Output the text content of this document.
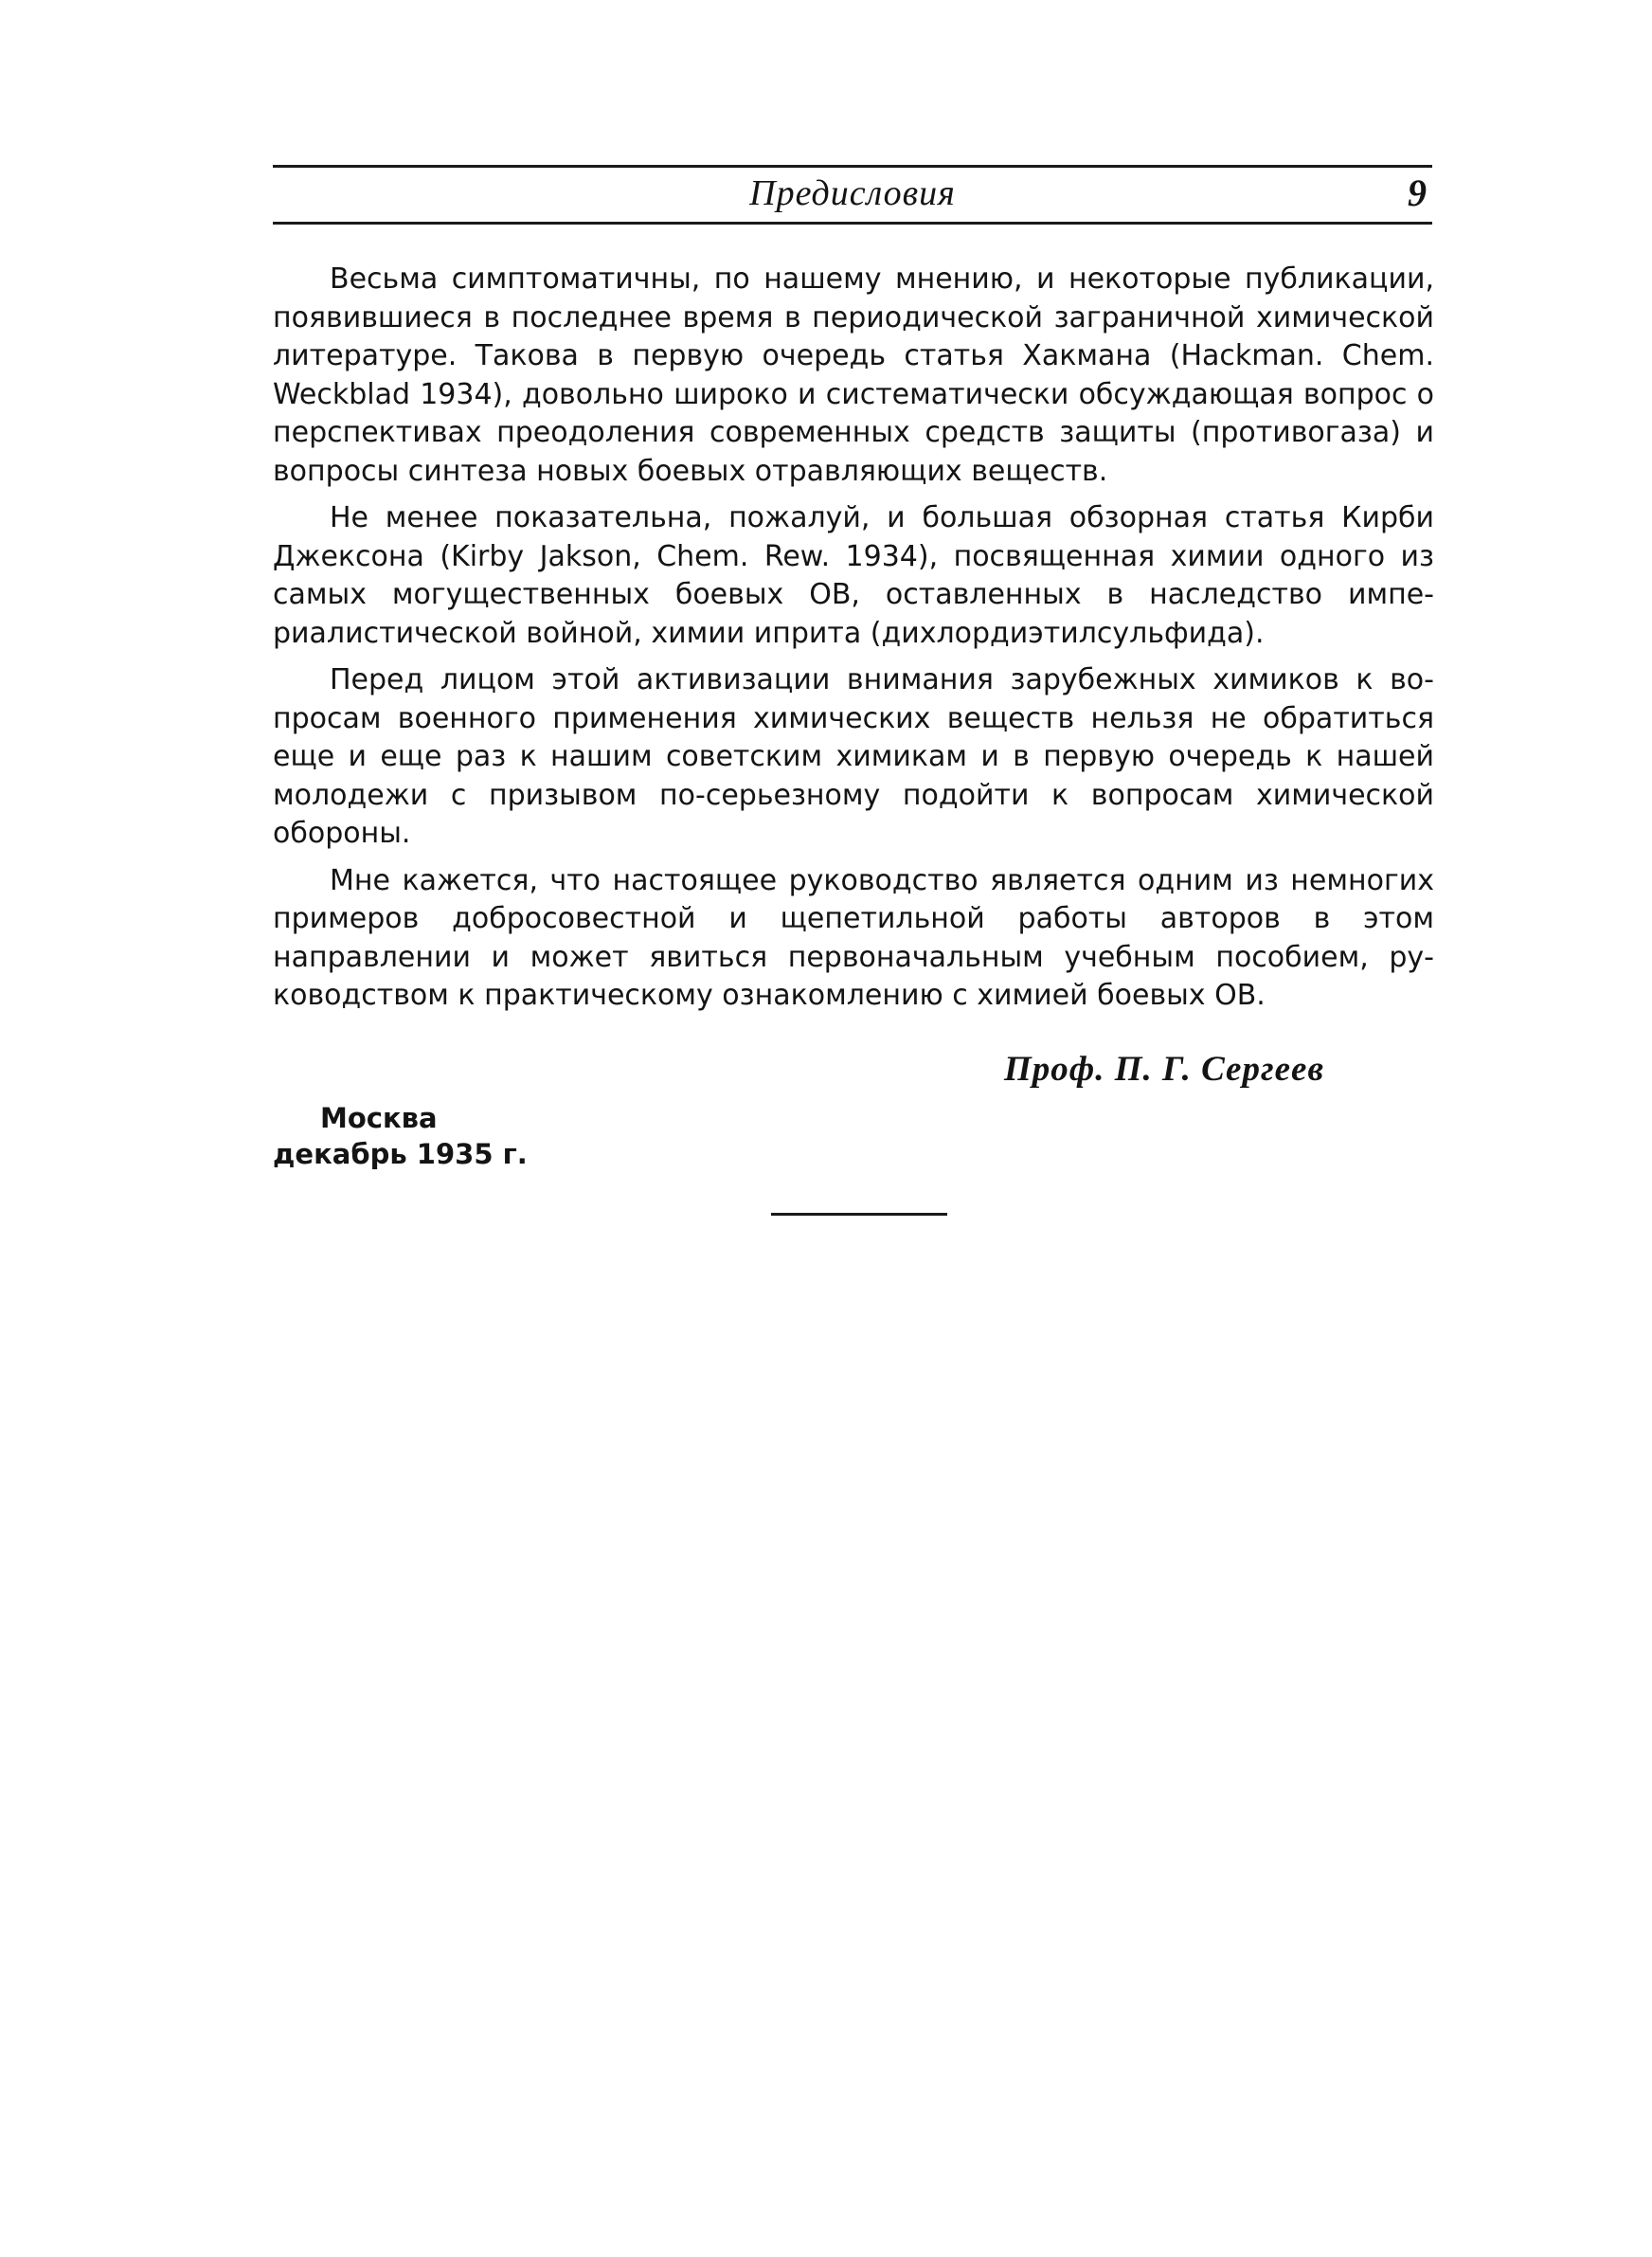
Предисловия	9

Весьма симптоматичны, по нашему мнению, и некоторые публикации, появившиеся в последнее время в периодической заграничной химической литературе. Такова в первую очередь статья Хакмана (Hackman. Chem. Weckblad 1934), довольно широко и систематически обсуждающая вопрос о перспективах преодоления современных средств защиты (противогаза) и вопросы синтеза новых боевых отравляющих веществ.

Не менее показательна, пожалуй, и большая обзорная статья Кирби Джексона (Kirby Jakson, Chem. Rew. 1934), посвященная химии одного из самых могущественных боевых ОВ, оставленных в наследство империалистической войной, химии иприта (дихлордиэтилсульфида).

Перед лицом этой активизации внимания зарубежных химиков к вопросам военного применения химических веществ нельзя не обратиться еще и еще раз к нашим советским химикам и в первую очередь к нашей молодежи с призывом по-серьезному подойти к вопросам химической обороны.

Мне кажется, что настоящее руководство является одним из немногих примеров добросовестной и щепетильной работы авторов в этом направлении и может явиться первоначальным учебным пособием, руководством к практическому ознакомлению с химией боевых ОВ.

Проф. П. Г. Сергеев
Москва
декабрь 1935 г.
